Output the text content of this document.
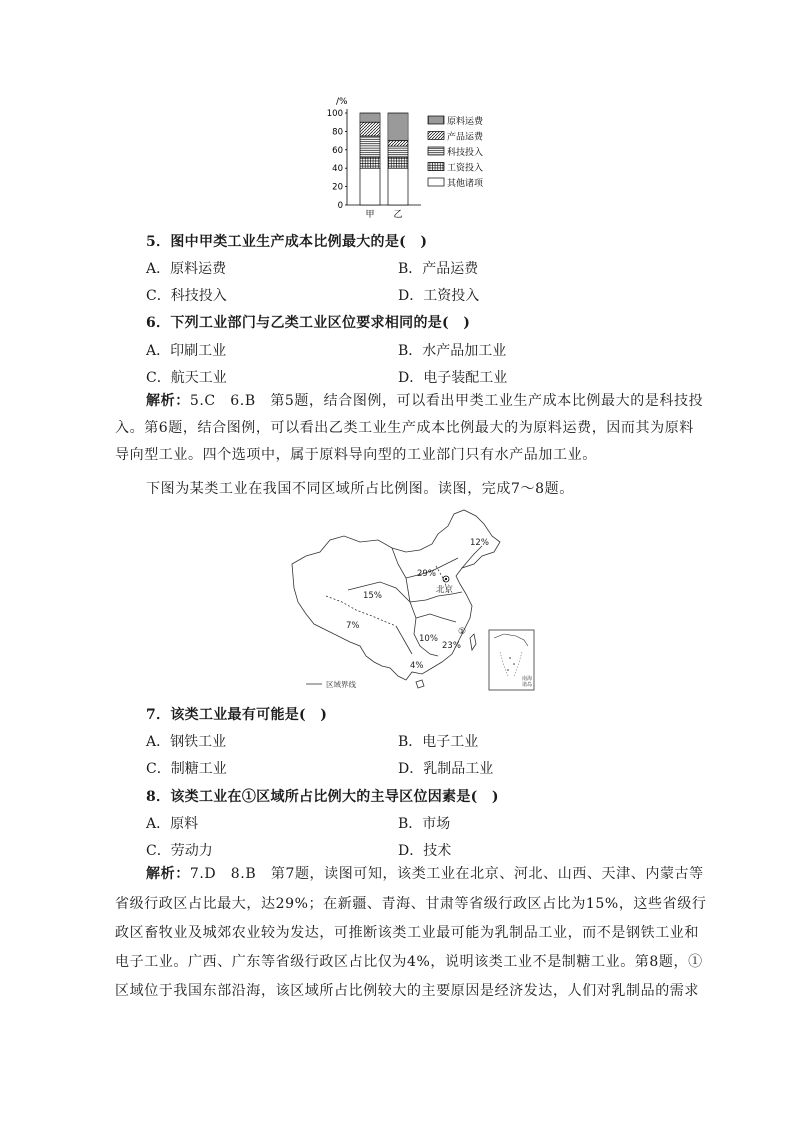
/%
0
20
40
60
80
100
甲 乙
原料运费
产品运费
科技投入
工资投入
其他诸项
5．图中甲类工业生产成本比例最大的是(　)
A．原料运费	B．产品运费
C．科技投入	D．工资投入
6．下列工业部门与乙类工业区位要求相同的是(　)
A．印刷工业	B．水产品加工业
C．航天工业	D．电子装配工业
解析：5.C　6.B　第5题，结合图例，可以看出甲类工业生产成本比例最大的是科技投
入。第6题，结合图例，可以看出乙类工业生产成本比例最大的为原料运费，因而其为原料
导向型工业。四个选项中，属于原料导向型的工业部门只有水产品加工业。
下图为某类工业在我国不同区域所占比例图。读图，完成7～8题。
12%
29%
15%
7%
10%
23%
4%
①
北京
区域界线
南海
诸岛
7．该类工业最有可能是(　)
A．钢铁工业	B．电子工业
C．制糖工业	D．乳制品工业
8．该类工业在①区域所占比例大的主导区位因素是(　)
A．原料	B．市场
C．劳动力	D．技术
解析：7.D　8.B　第7题，读图可知，该类工业在北京、河北、山西、天津、内蒙古等
省级行政区占比最大，达29%；在新疆、青海、甘肃等省级行政区占比为15%，这些省级行
政区畜牧业及城郊农业较为发达，可推断该类工业最可能为乳制品工业，而不是钢铁工业和
电子工业。广西、广东等省级行政区占比仅为4%，说明该类工业不是制糖工业。第8题，①
区域位于我国东部沿海，该区域所占比例较大的主要原因是经济发达，人们对乳制品的需求
